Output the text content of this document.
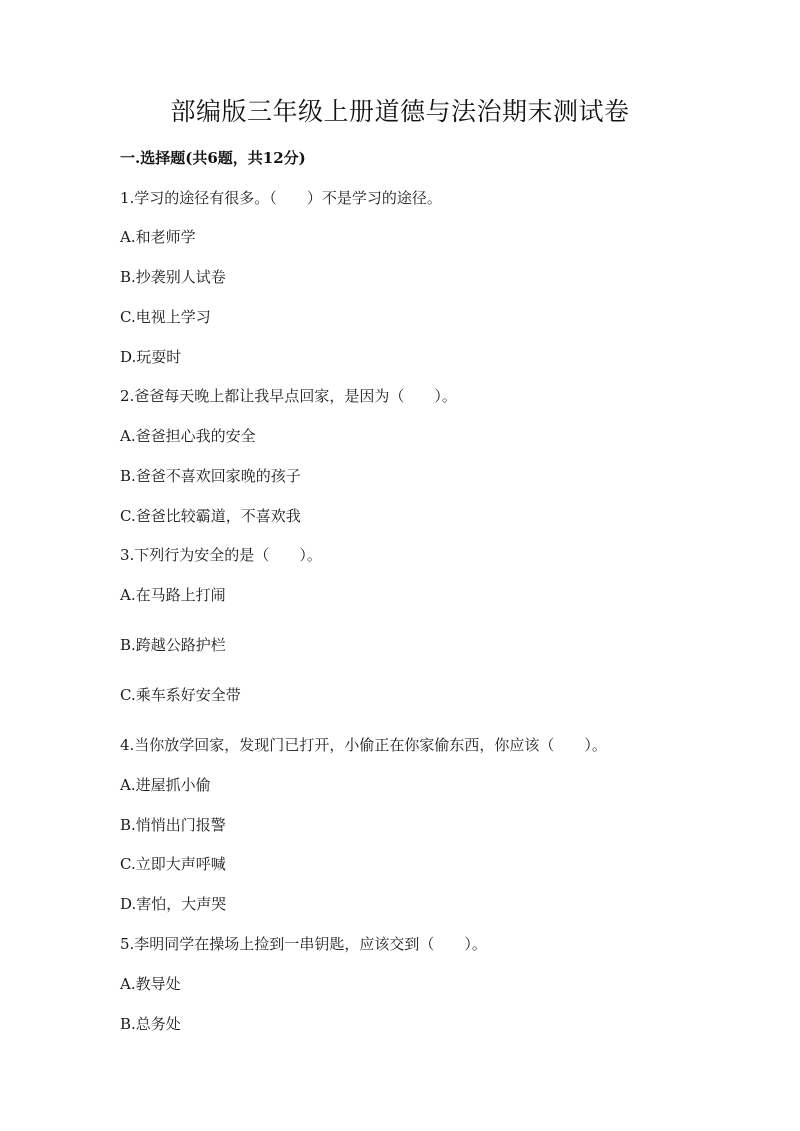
部编版三年级上册道德与法治期末测试卷
一.选择题(共6题，共12分)
1.学习的途径有很多。（　　）不是学习的途径。
A.和老师学
B.抄袭别人试卷
C.电视上学习
D.玩耍时
2.爸爸每天晚上都让我早点回家，是因为（　　）。
A.爸爸担心我的安全
B.爸爸不喜欢回家晚的孩子
C.爸爸比较霸道，不喜欢我
3.下列行为安全的是（　　）。
A.在马路上打闹
B.跨越公路护栏
C.乘车系好安全带
4.当你放学回家，发现门已打开，小偷正在你家偷东西，你应该（　　）。
A.进屋抓小偷
B.悄悄出门报警
C.立即大声呼喊
D.害怕，大声哭
5.李明同学在操场上捡到一串钥匙，应该交到（　　）。
A.教导处
B.总务处
